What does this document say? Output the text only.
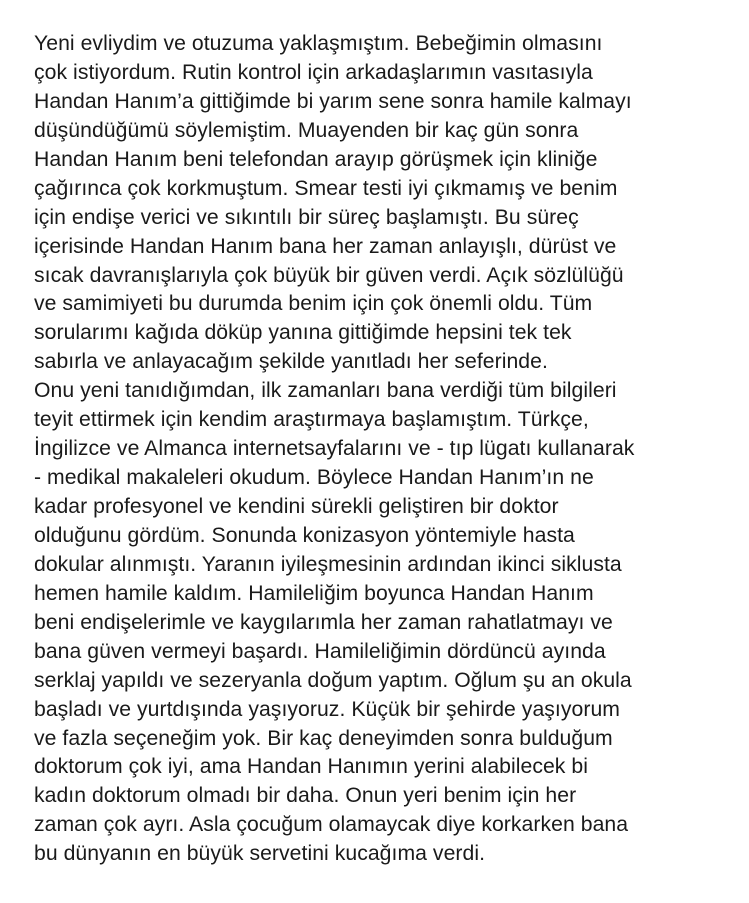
Yeni evliydim ve otuzuma yaklaşmıştım. Bebeğimin olmasını
çok istiyordum. Rutin kontrol için arkadaşlarımın vasıtasıyla
Handan Hanım’a gittiğimde bi yarım sene sonra hamile kalmayı
düşündüğümü söylemiştim. Muayenden bir kaç gün sonra
Handan Hanım beni telefondan arayıp görüşmek için kliniğe
çağırınca çok korkmuştum. Smear testi iyi çıkmamış ve benim
için endişe verici ve sıkıntılı bir süreç başlamıştı. Bu süreç
içerisinde Handan Hanım bana her zaman anlayışlı, dürüst ve
sıcak davranışlarıyla çok büyük bir güven verdi. Açık sözlülüğü
ve samimiyeti bu durumda benim için çok önemli oldu. Tüm
sorularımı kağıda döküp yanına gittiğimde hepsini tek tek
sabırla ve anlayacağım şekilde yanıtladı her seferinde.
Onu yeni tanıdığımdan, ilk zamanları bana verdiği tüm bilgileri
teyit ettirmek için kendim araştırmaya başlamıştım. Türkçe,
İngilizce ve Almanca internetsayfalarını ve - tıp lügatı kullanarak
- medikal makaleleri okudum. Böylece Handan Hanım’ın ne
kadar profesyonel ve kendini sürekli geliştiren bir doktor
olduğunu gördüm. Sonunda konizasyon yöntemiyle hasta
dokular alınmıştı. Yaranın iyileşmesinin ardından ikinci siklusta
hemen hamile kaldım. Hamileliğim boyunca Handan Hanım
beni endişelerimle ve kaygılarımla her zaman rahatlatmayı ve
bana güven vermeyi başardı. Hamileliğimin dördüncü ayında
serklaj yapıldı ve sezeryanla doğum yaptım. Oğlum şu an okula
başladı ve yurtdışında yaşıyoruz. Küçük bir şehirde yaşıyorum
ve fazla seçeneğim yok. Bir kaç deneyimden sonra bulduğum
doktorum çok iyi, ama Handan Hanımın yerini alabilecek bi
kadın doktorum olmadı bir daha. Onun yeri benim için her
zaman çok ayrı. Asla çocuğum olamaycak diye korkarken bana
bu dünyanın en büyük servetini kucağıma verdi.
